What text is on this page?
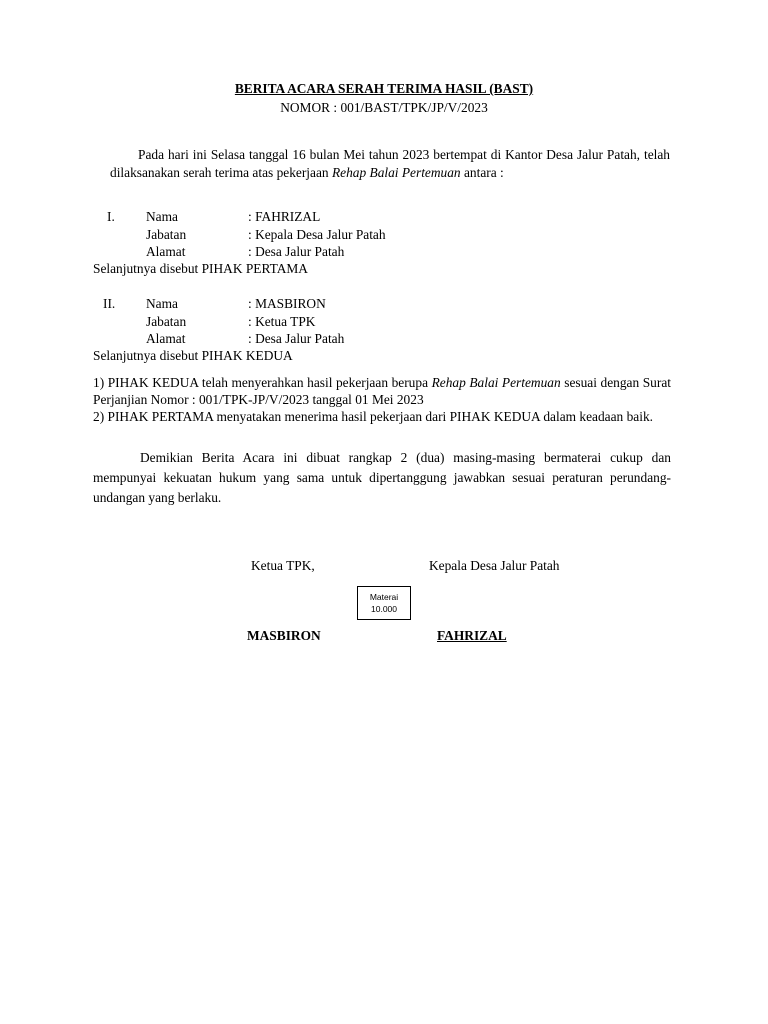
BERITA ACARA SERAH TERIMA HASIL (BAST)
NOMOR : 001/BAST/TPK/JP/V/2023
Pada hari ini Selasa tanggal 16 bulan Mei tahun 2023 bertempat di Kantor Desa Jalur Patah, telah dilaksanakan serah terima atas pekerjaan Rehap Balai Pertemuan antara :
I. Nama	: FAHRIZAL
Jabatan	: Kepala Desa Jalur Patah
Alamat	: Desa Jalur Patah
Selanjutnya disebut PIHAK PERTAMA
II. Nama	: MASBIRON
Jabatan	: Ketua TPK
Alamat	: Desa Jalur Patah
Selanjutnya disebut PIHAK KEDUA

1) PIHAK KEDUA telah menyerahkan hasil pekerjaan berupa Rehap Balai Pertemuan sesuai dengan Surat Perjanjian Nomor : 001/TPK-JP/V/2023 tanggal 01 Mei 2023

2) PIHAK PERTAMA menyatakan menerima hasil pekerjaan dari PIHAK KEDUA dalam keadaan baik.

Demikian Berita Acara ini dibuat rangkap 2 (dua) masing-masing bermaterai cukup dan mempunyai kekuatan hukum yang sama untuk dipertanggung jawabkan sesuai peraturan perundang-undangan yang berlaku.
Ketua TPK,	Kepala Desa Jalur Patah
Materai
10.000
MASBIRON	FAHRIZAL
